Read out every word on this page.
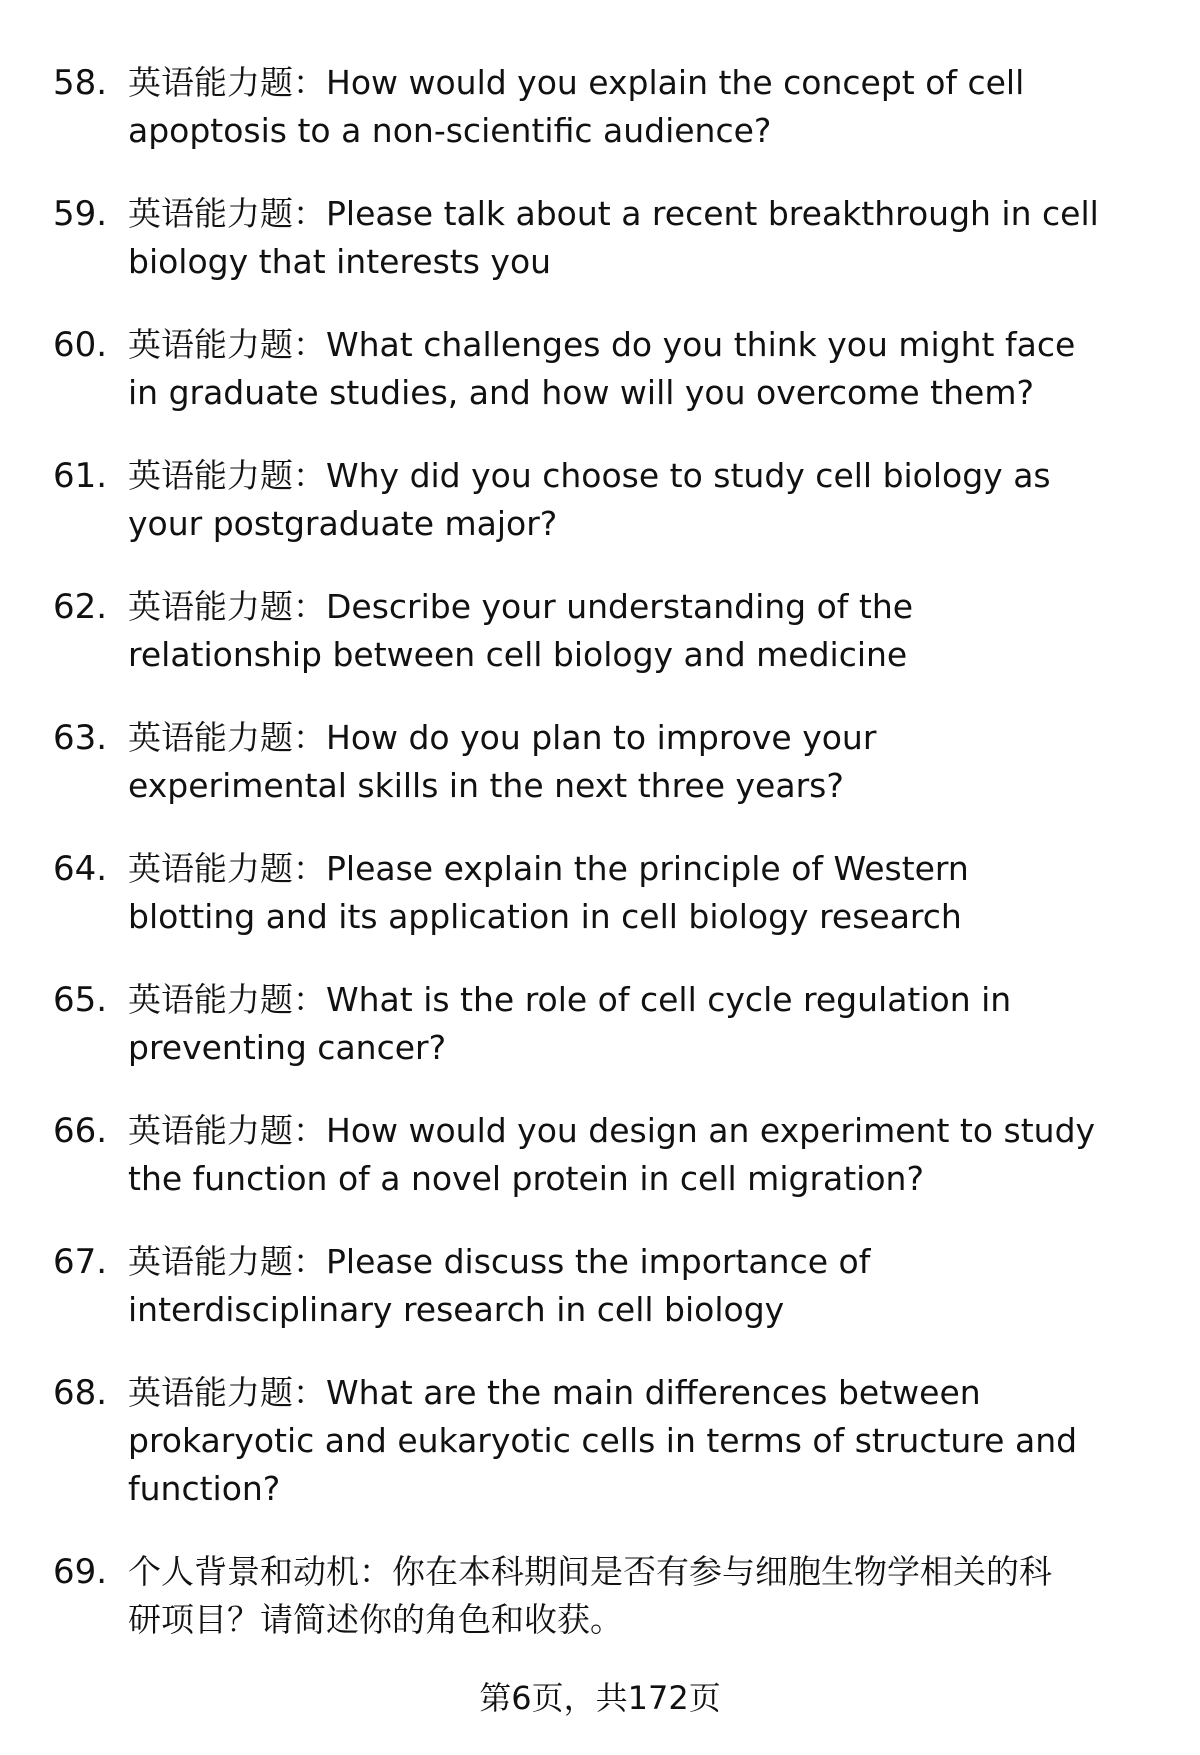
58. 英语能力题：How would you explain the concept of cell
apoptosis to a non-scientific audience?
59. 英语能力题：Please talk about a recent breakthrough in cell
biology that interests you
60. 英语能力题：What challenges do you think you might face
in graduate studies, and how will you overcome them?
61. 英语能力题：Why did you choose to study cell biology as
your postgraduate major?
62. 英语能力题：Describe your understanding of the
relationship between cell biology and medicine
63. 英语能力题：How do you plan to improve your
experimental skills in the next three years?
64. 英语能力题：Please explain the principle of Western
blotting and its application in cell biology research
65. 英语能力题：What is the role of cell cycle regulation in
preventing cancer?
66. 英语能力题：How would you design an experiment to study
the function of a novel protein in cell migration?
67. 英语能力题：Please discuss the importance of
interdisciplinary research in cell biology
68. 英语能力题：What are the main differences between
prokaryotic and eukaryotic cells in terms of structure and
function?
69. 个人背景和动机：你在本科期间是否有参与细胞生物学相关的科
研项目？请简述你的角色和收获。
第6页，共172页
